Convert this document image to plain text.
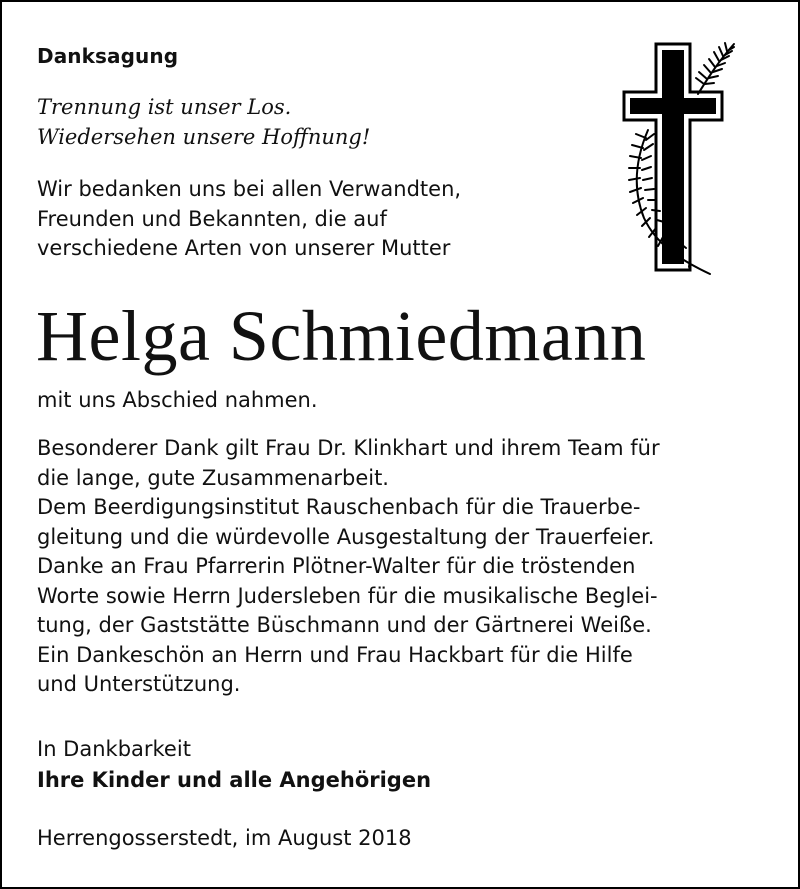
Danksagung
Trennung ist unser Los.
Wiedersehen unsere Hoffnung!
Wir bedanken uns bei allen Verwandten,
Freunden und Bekannten, die auf
verschiedene Arten von unserer Mutter
Helga Schmiedmann
mit uns Abschied nahmen.
Besonderer Dank gilt Frau Dr. Klinkhart und ihrem Team für
die lange, gute Zusammenarbeit.
Dem Beerdigungsinstitut Rauschenbach für die Trauerbe-
gleitung und die würdevolle Ausgestaltung der Trauerfeier.
Danke an Frau Pfarrerin Plötner-Walter für die tröstenden
Worte sowie Herrn Judersleben für die musikalische Beglei-
tung, der Gaststätte Büschmann und der Gärtnerei Weiße.
Ein Dankeschön an Herrn und Frau Hackbart für die Hilfe
und Unterstützung.
In Dankbarkeit
Ihre Kinder und alle Angehörigen
Herrengosserstedt, im August 2018
